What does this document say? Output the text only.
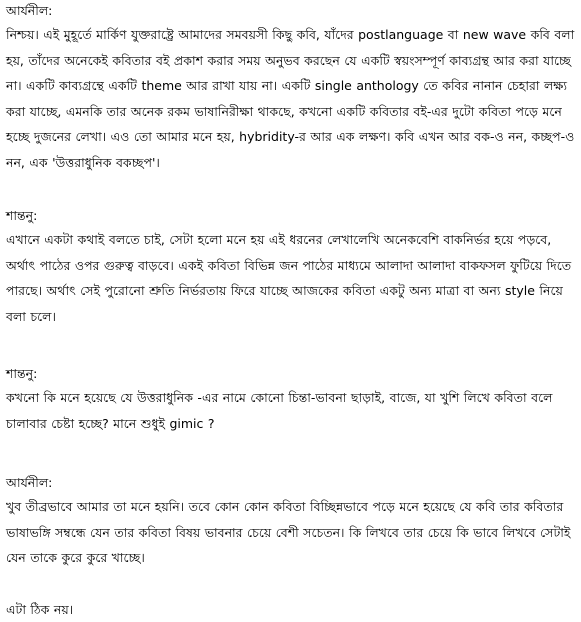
আর্যনীল:

নিশ্চয়। এই মুহূর্তে মার্কিণ যুক্তরাষ্ট্রে আমাদের সমবয়সী কিছু কবি, যাঁদের postlanguage বা new wave কবি বলা হয়, তাঁদের অনেকেই কবিতার বই প্রকাশ করার সময় অনুভব করছেন যে একটি স্বয়ংসম্পূর্ণ কাব্যগ্রন্থ আর করা যাচ্ছে না। একটি কাব্যগ্রন্থে একটি theme আর রাখা যায় না। একটি single anthology তে কবির নানান চেহারা লক্ষ্য করা যাচ্ছে, এমনকি তার অনেক রকম ভাষানিরীক্ষা থাকছে, কখনো একটি কবিতার বই-এর দুটো কবিতা পড়ে মনে হচ্ছে দুজনের লেখা। এও তো আমার মনে হয়, hybridity-র আর এক লক্ষণ। কবি এখন আর বক-ও নন, কচ্ছপ-ও নন, এক 'উত্তরাধুনিক বকচ্ছপ'।

শান্তনু:

এখানে একটা কথাই বলতে চাই, সেটা হলো মনে হয় এই ধরনের লেখালেখি অনেকবেশি বাকনির্ভর হয়ে পড়বে, অর্থাৎ পাঠের ওপর গুরুত্ব বাড়বে। একই কবিতা বিভিন্ন জন পাঠের মাধ্যমে আলাদা আলাদা বাকফসল ফুটিয়ে দিতে পারছে। অর্থাৎ সেই পুরোনো শ্রুতি নির্ভরতায় ফিরে যাচ্ছে আজকের কবিতা একটু অন্য মাত্রা বা অন্য style নিয়ে বলা চলে।

শান্তনু:

কখনো কি মনে হয়েছে যে উত্তরাধুনিক -এর নামে কোনো চিন্তা-ভাবনা ছাড়াই, বাজে, যা খুশি লিখে কবিতা বলে চালাবার চেষ্টা হচ্ছে? মানে শুধুই gimic ?

আর্যনীল:

খুব তীব্রভাবে আমার তা মনে হয়নি। তবে কোন কোন কবিতা বিচ্ছিন্নভাবে পড়ে মনে হয়েছে যে কবি তার কবিতার ভাষাভঙ্গি সম্বন্ধে যেন তার কবিতা বিষয় ভাবনার চেয়ে বেশী সচেতন। কি লিখবে তার চেয়ে কি ভাবে লিখবে সেটাই যেন তাকে কুরে কুরে খাচ্ছে।

এটা ঠিক নয়।
